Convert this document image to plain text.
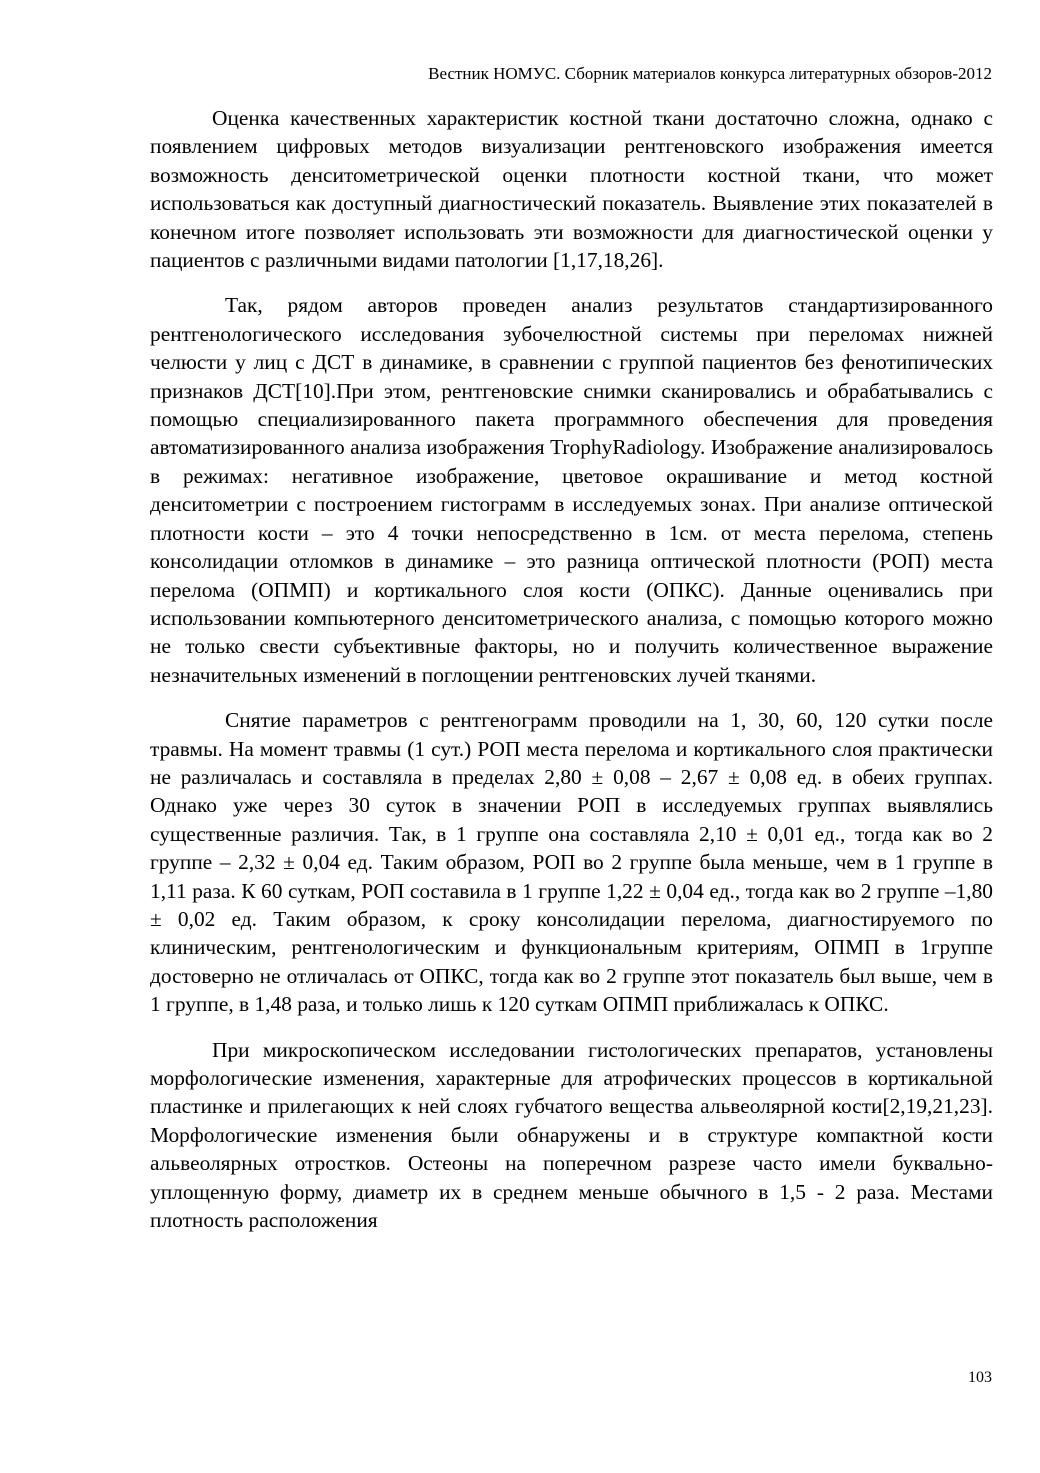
Вестник НОМУС. Сборник материалов конкурса литературных обзоров-2012

Оценка качественных характеристик костной ткани достаточно сложна, однако с появлением цифровых методов визуализации рентгеновского изображения имеется возможность денситометрической оценки плотности костной ткани, что может использоваться как доступный диагностический показатель. Выявление этих показателей в конечном итоге позволяет использовать эти возможности для диагностической оценки у пациентов с различными видами патологии [1,17,18,26].

Так, рядом авторов проведен анализ результатов стандартизированного рентгенологического исследования зубочелюстной системы при переломах нижней челюсти у лиц с ДСТ в динамике, в сравнении с группой пациентов без фенотипических признаков ДСТ[10].При этом, рентгеновские снимки сканировались и обрабатывались с помощью специализированного пакета программного обеспечения для проведения автоматизированного анализа изображения TrophyRadiology. Изображение анализировалось в режимах: негативное изображение, цветовое окрашивание и метод костной денситометрии с построением гистограмм в исследуемых зонах. При анализе оптической плотности кости – это 4 точки непосредственно в 1см. от места перелома, степень консолидации отломков в динамике – это разница оптической плотности (РОП) места перелома (ОПМП) и кортикального слоя кости (ОПКС). Данные оценивались при использовании компьютерного денситометрического анализа, с помощью которого можно не только свести субъективные факторы, но и получить количественное выражение незначительных изменений в поглощении рентгеновских лучей тканями.

Снятие параметров с рентгенограмм проводили на 1, 30, 60, 120 сутки после травмы. На момент травмы (1 сут.) РОП места перелома и кортикального слоя практически не различалась и составляла в пределах 2,80 ± 0,08 – 2,67 ± 0,08 ед. в обеих группах. Однако уже через 30 суток в значении РОП в исследуемых группах выявлялись существенные различия. Так, в 1 группе она составляла 2,10 ± 0,01 ед., тогда как во 2 группе – 2,32 ± 0,04 ед. Таким образом, РОП во 2 группе была меньше, чем в 1 группе в 1,11 раза. К 60 суткам, РОП составила в 1 группе 1,22 ± 0,04 ед., тогда как во 2 группе –1,80 ± 0,02 ед. Таким образом, к сроку консолидации перелома, диагностируемого по клиническим, рентгенологическим и функциональным критериям, ОПМП в 1группе достоверно не отличалась от ОПКС, тогда как во 2 группе этот показатель был выше, чем в 1 группе, в 1,48 раза, и только лишь к 120 суткам ОПМП приближалась к ОПКС.

При микроскопическом исследовании гистологических препаратов, установлены морфологические изменения, характерные для атрофических процессов в кортикальной пластинке и прилегающих к ней слоях губчатого вещества альвеолярной кости[2,19,21,23]. Морфологические изменения были обнаружены и в структуре компактной кости альвеолярных отростков. Остеоны на поперечном разрезе часто имели буквально-уплощенную форму, диаметр их в среднем меньше обычного в 1,5 - 2 раза. Местами плотность расположения

103
